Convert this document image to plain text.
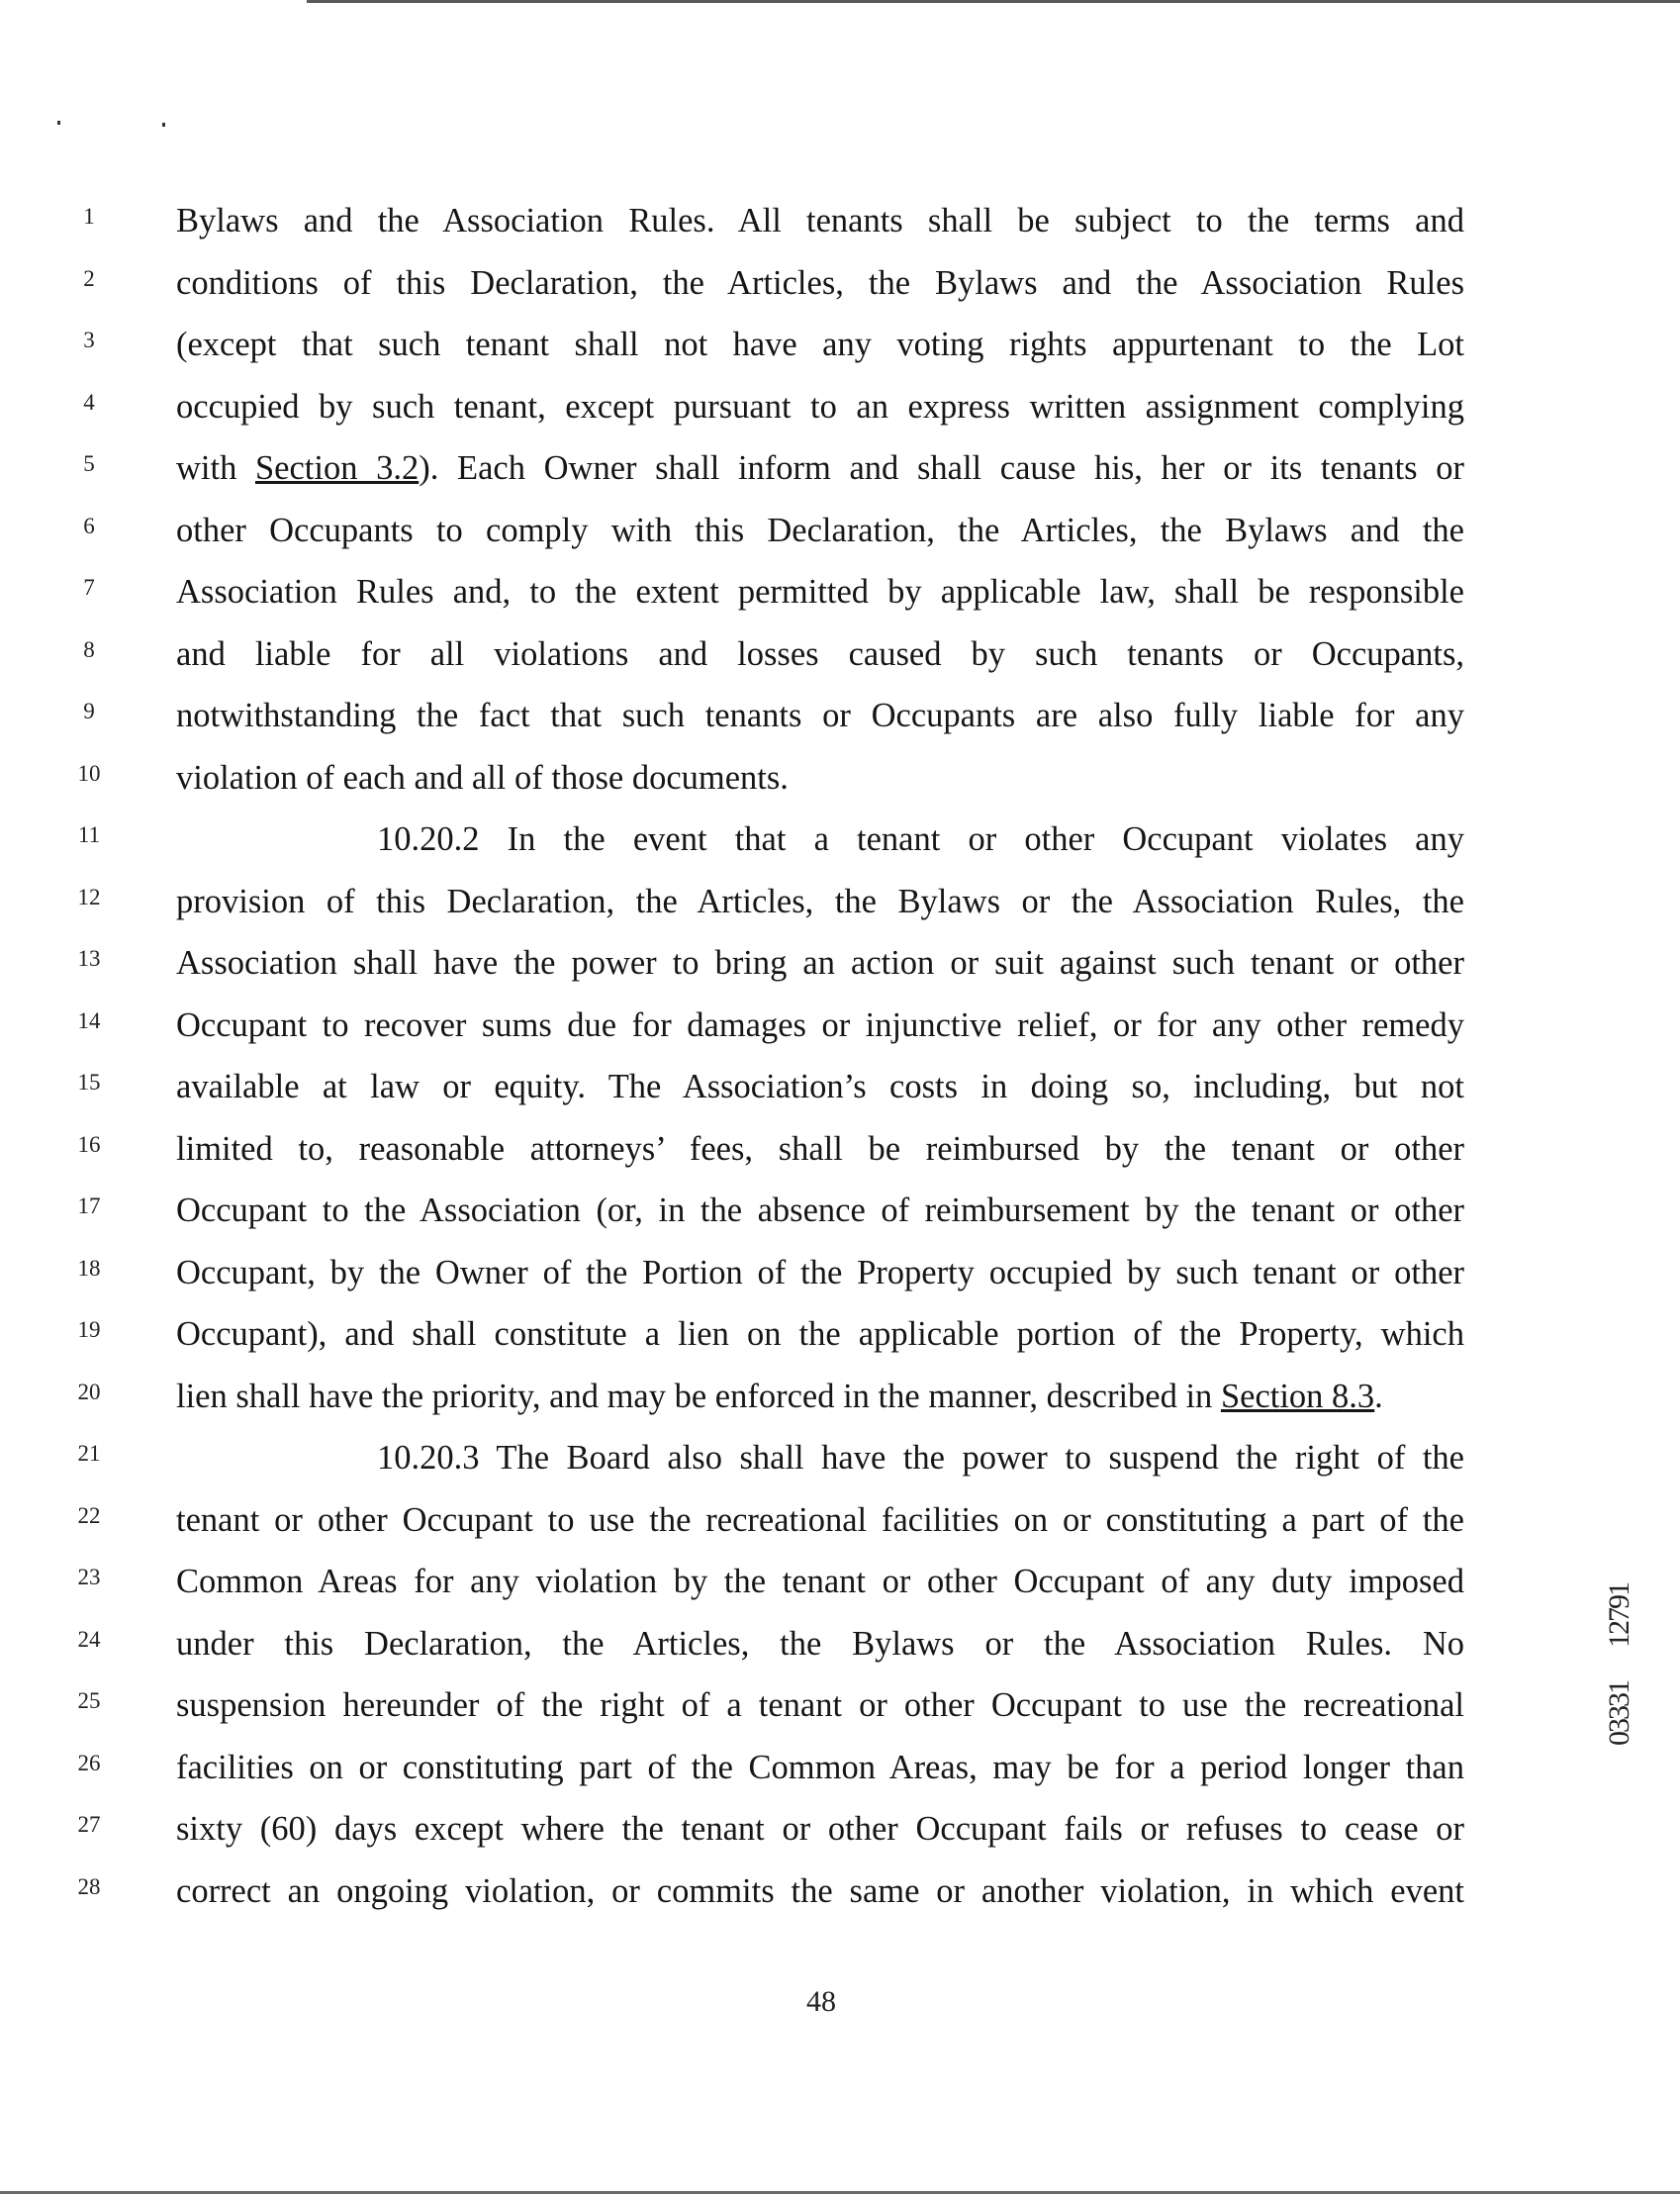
1	Bylaws and the Association Rules. All tenants shall be subject to the terms and
2	conditions of this Declaration, the Articles, the Bylaws and the Association Rules
3	(except that such tenant shall not have any voting rights appurtenant to the Lot
4	occupied by such tenant, except pursuant to an express written assignment complying
5	with Section 3.2). Each Owner shall inform and shall cause his, her or its tenants or
6	other Occupants to comply with this Declaration, the Articles, the Bylaws and the
7	Association Rules and, to the extent permitted by applicable law, shall be responsible
8	and liable for all violations and losses caused by such tenants or Occupants,
9	notwithstanding the fact that such tenants or Occupants are also fully liable for any
10	violation of each and all of those documents.
11	10.20.2 In the event that a tenant or other Occupant violates any
12	provision of this Declaration, the Articles, the Bylaws or the Association Rules, the
13	Association shall have the power to bring an action or suit against such tenant or other
14	Occupant to recover sums due for damages or injunctive relief, or for any other remedy
15	available at law or equity. The Association’s costs in doing so, including, but not
16	limited to, reasonable attorneys’ fees, shall be reimbursed by the tenant or other
17	Occupant to the Association (or, in the absence of reimbursement by the tenant or other
18	Occupant, by the Owner of the Portion of the Property occupied by such tenant or other
19	Occupant), and shall constitute a lien on the applicable portion of the Property, which
20	lien shall have the priority, and may be enforced in the manner, described in Section 8.3.
21	10.20.3 The Board also shall have the power to suspend the right of the
22	tenant or other Occupant to use the recreational facilities on or constituting a part of the
23	Common Areas for any violation by the tenant or other Occupant of any duty imposed
24	under this Declaration, the Articles, the Bylaws or the Association Rules. No
25	suspension hereunder of the right of a tenant or other Occupant to use the recreational
26	facilities on or constituting part of the Common Areas, may be for a period longer than
27	sixty (60) days except where the tenant or other Occupant fails or refuses to cease or
28	correct an ongoing violation, or commits the same or another violation, in which event
48
12791
03331
